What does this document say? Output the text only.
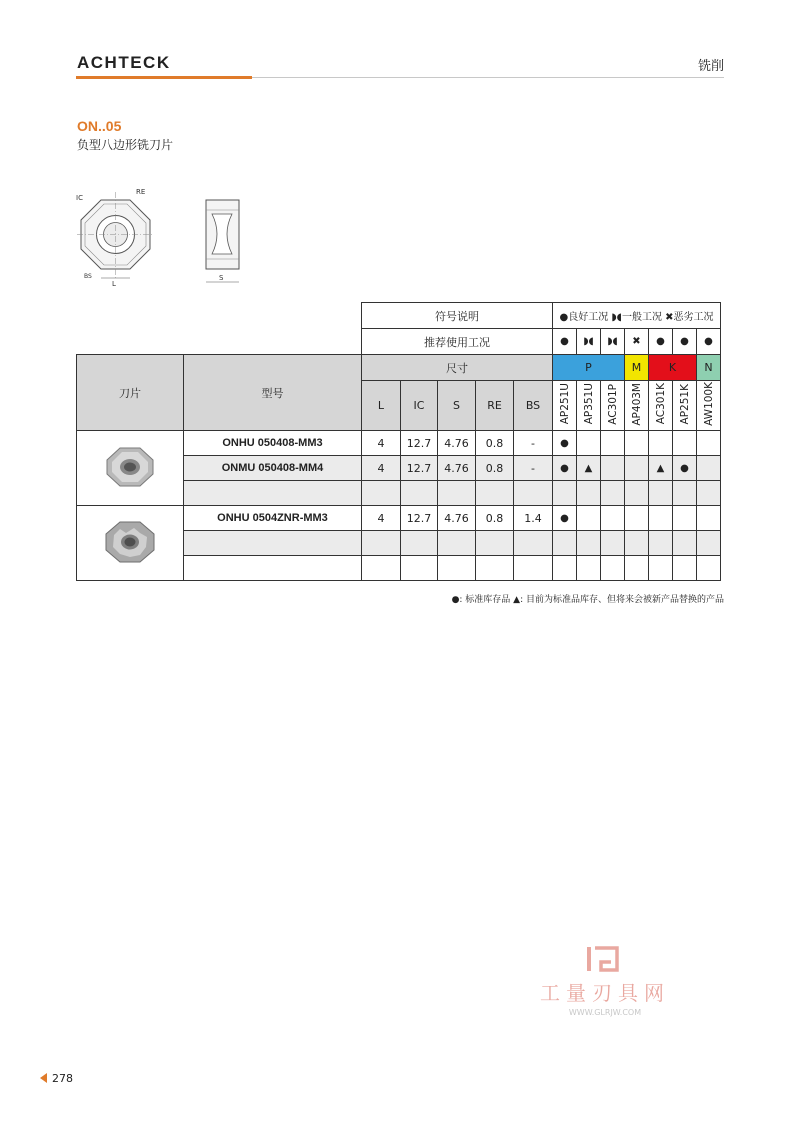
ACHTECK	铣削
ON..05
负型八边形铣刀片
IC
RE
BS
L
S
		符号说明					●良好工况 ◗◖一般工况 ✖恶劣工况						
		推荐使用工况					●	◗◖	◗◖	✖	●	●	●
刀片	型号	尺寸					P			M	K		N
		L	IC	S	RE	BS	AP251U	AP351U	AC301P	AP403M	AC301K	AP251K	AW100K
	ONHU 050408-MM3	4	12.7	4.76	0.8	-	●						
	ONMU 050408-MM4	4	12.7	4.76	0.8	-	●	▲			▲	●	

	ONHU 0504ZNR-MM3	4	12.7	4.76	0.8	1.4	●						

●: 标准库存品 ▲: 目前为标准品库存、但将来会被新产品替换的产品
工量刃具网
WWW.GLRJW.COM
278
